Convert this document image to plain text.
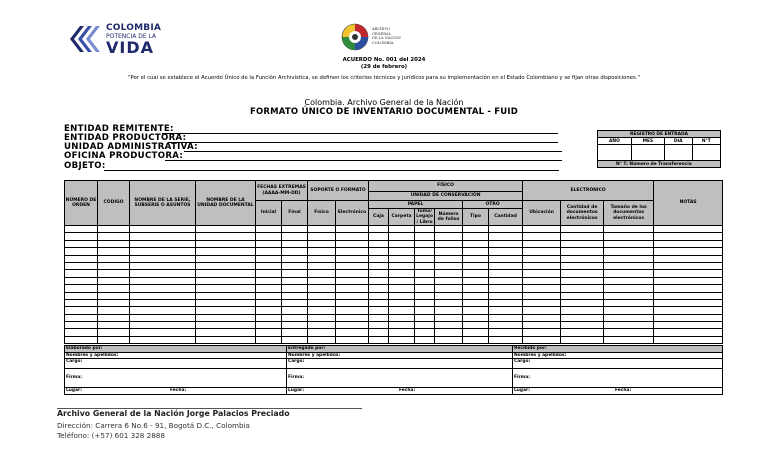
COLOMBIA
POTENCIA DE LA
VIDA
ARCHIVO
GENERAL
DE LA NACIÓN
COLOMBIA
ACUERDO No. 001 del 2024
(29 de febrero)
"Por el cual se establece el Acuerdo Único de la Función Archivística, se definen los criterios técnicos y jurídicos para su implementación en el Estado Colombiano y se fijan otras disposiciones."
Colombia. Archivo General de la Nación
FORMATO ÚNICO DE INVENTARIO DOCUMENTAL - FUID
ENTIDAD REMITENTE:
ENTIDAD PRODUCTORA:
UNIDAD ADMINISTRATIVA:
OFICINA PRODUCTORA:
OBJETO:
REGISTRO DE ENTRADA			
AÑO	MES	DIA	N°T

N° T: Número de Transferencia			
NÚMERO DE ORDEN	CÓDIGO	NOMBRE DE LA SERIE, SUBSERIE O ASUNTOS	NOMBRE DE LA UNIDAD DOCUMENTAL	FECHAS EXTREMAS (AAAA-MM-DD)		SOPORTE O FORMATO		FÍSICO						ELECTRÓNICO			NOTAS
								UNIDAD DE CONSERVACIÓN									
				Inicial	Final	Físico	Electrónico	PAPEL				OTRO		Ubicación	Cantidad de documentos electrónicos	Tamaño de los documentos electrónicos	
								Caja	Carpeta	Tomo/ Legajo / Libro	Número de folios	Tipo	Cantidad				

Elaborado por:	Entregado por:	Recibido por:
Nombres y apellidos:	Nombres y apellidos:	Nombres y apellidos:
Cargo:	Cargo:	Cargo:
Firma:	Firma:	Firma:
Lugar: Fecha:	Lugar: Fecha:	Lugar: Fecha:
Archivo General de la Nación Jorge Palacios Preciado
Dirección: Carrera 6 No.6 - 91, Bogotá D.C., Colombia
Teléfono: (+57) 601 328 2888
